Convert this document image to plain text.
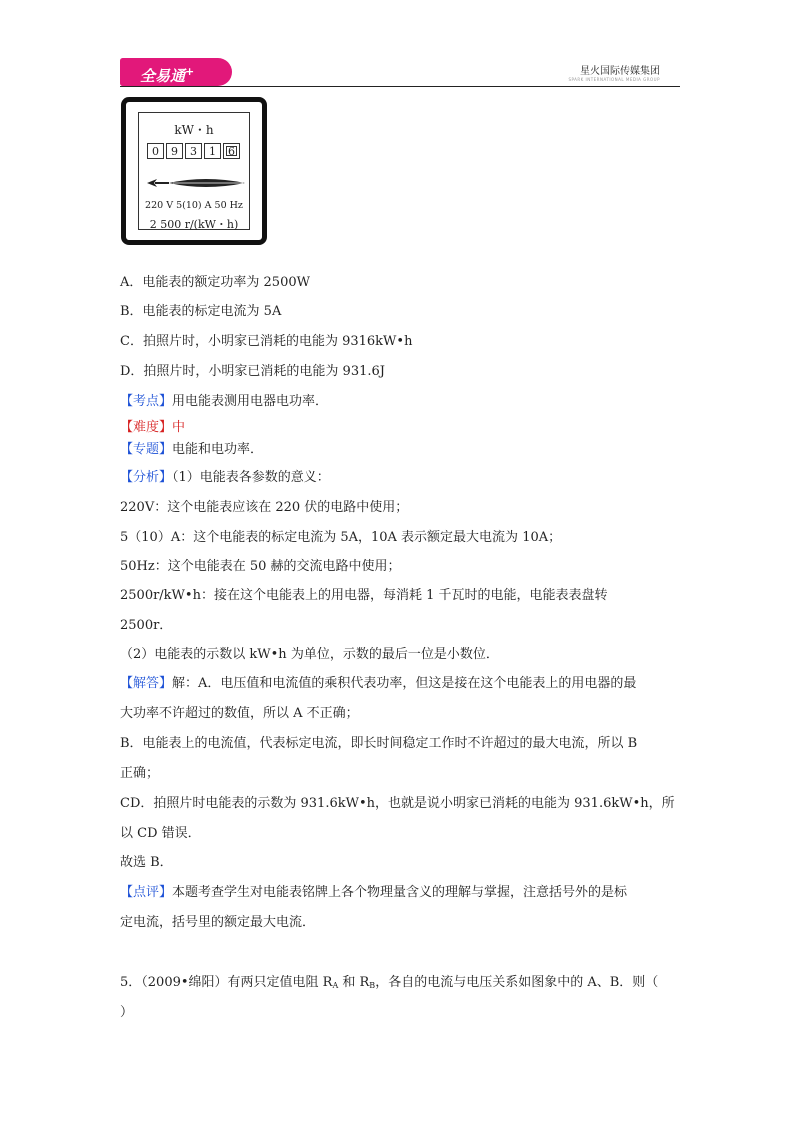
全易通+	星火国际传媒集团
SPARK INTERNATIONAL MEDIA GROUP
kW・h
0	9	3	1	6
220 V 5(10) A 50 Hz
2 500 r/(kW・h)
A．电能表的额定功率为 2500W
B．电能表的标定电流为 5A
C．拍照片时，小明家已消耗的电能为 9316kW•h
D．拍照片时，小明家已消耗的电能为 931.6J
【考点】用电能表测用电器电功率．
【难度】中
【专题】电能和电功率．
【分析】（1）电能表各参数的意义：
220V：这个电能表应该在 220 伏的电路中使用；
5（10）A：这个电能表的标定电流为 5A，10A 表示额定最大电流为 10A；
50Hz：这个电能表在 50 赫的交流电路中使用；
2500r/kW•h：接在这个电能表上的用电器，每消耗 1 千瓦时的电能，电能表表盘转
2500r．
（2）电能表的示数以 kW•h 为单位，示数的最后一位是小数位．
【解答】解：A．电压值和电流值的乘积代表功率，但这是接在这个电能表上的用电器的最
大功率不许超过的数值，所以 A 不正确；
B．电能表上的电流值，代表标定电流，即长时间稳定工作时不许超过的最大电流，所以 B
正确；
CD．拍照片时电能表的示数为 931.6kW•h，也就是说小明家已消耗的电能为 931.6kW•h，所
以 CD 错误．
故选 B．
【点评】本题考查学生对电能表铭牌上各个物理量含义的理解与掌握，注意括号外的是标
定电流，括号里的额定最大电流．
5．（2009•绵阳）有两只定值电阻 RA 和 RB，各自的电流与电压关系如图象中的 A、B．则（
）
